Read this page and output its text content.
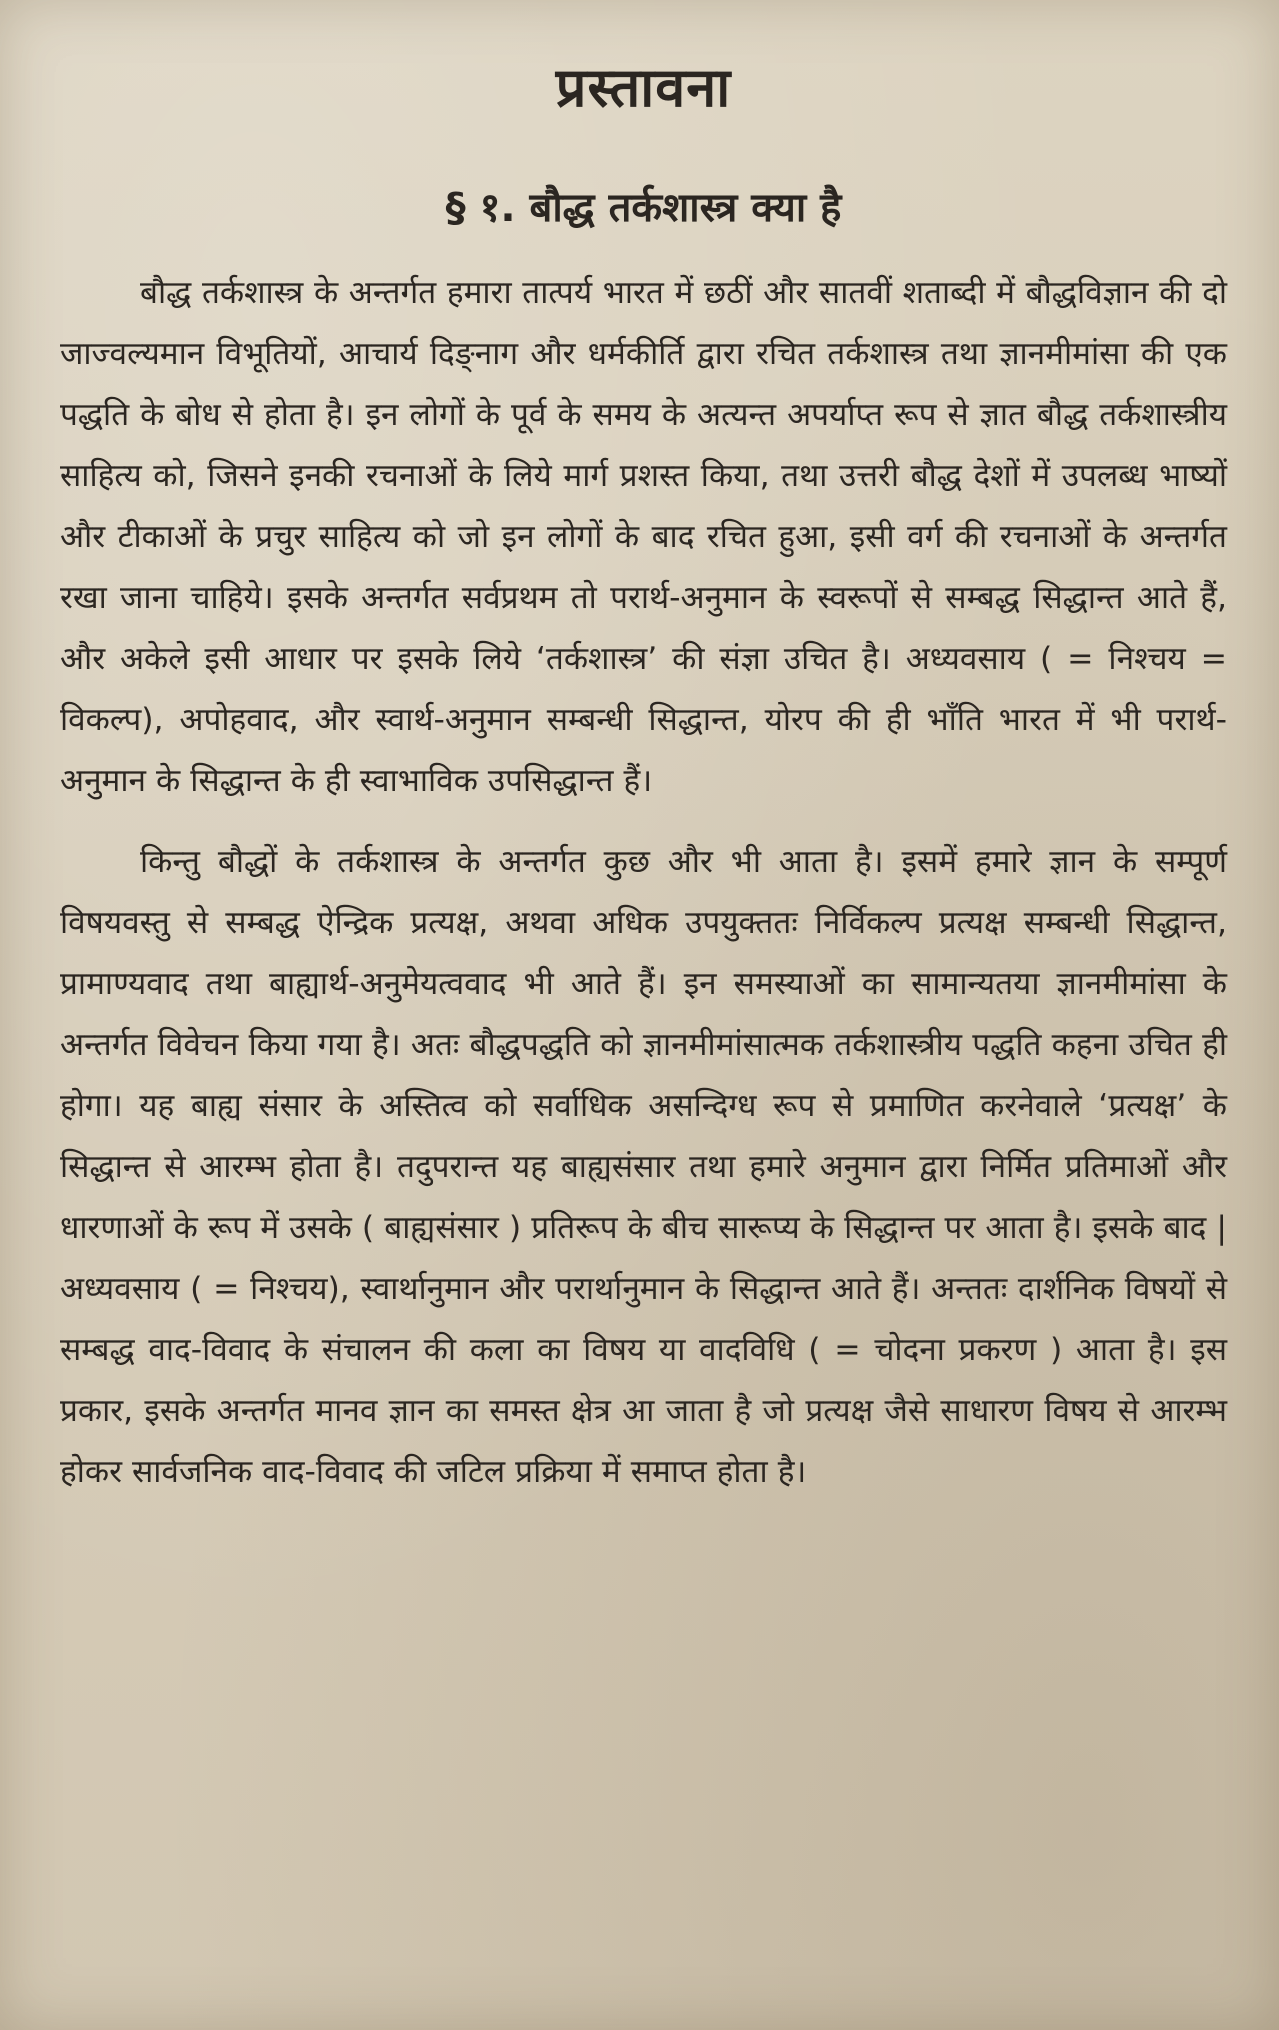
प्रस्तावना
§ १. बौद्ध तर्कशास्त्र क्या है

बौद्ध तर्कशास्त्र के अन्तर्गत हमारा तात्पर्य भारत में छठीं और सातवीं शताब्दी में बौद्धविज्ञान की दो जाज्वल्यमान विभूतियों, आचार्य दिङ्नाग और धर्मकीर्ति द्वारा रचित तर्कशास्त्र तथा ज्ञानमीमांसा की एक पद्धति के बोध से होता है। इन लोगों के पूर्व के समय के अत्यन्त अपर्याप्त रूप से ज्ञात बौद्ध तर्कशास्त्रीय साहित्य को, जिसने इनकी रचनाओं के लिये मार्ग प्रशस्त किया, तथा उत्तरी बौद्ध देशों में उपलब्ध भाष्यों और टीकाओं के प्रचुर साहित्य को जो इन लोगों के बाद रचित हुआ, इसी वर्ग की रचनाओं के अन्तर्गत रखा जाना चाहिये। इसके अन्तर्गत सर्वप्रथम तो परार्थ-अनुमान के स्वरूपों से सम्बद्ध सिद्धान्त आते हैं, और अकेले इसी आधार पर इसके लिये ‘तर्कशास्त्र’ की संज्ञा उचित है। अध्यवसाय ( = निश्चय = विकल्प), अपोहवाद, और स्वार्थ-अनुमान सम्बन्धी सिद्धान्त, योरप की ही भाँति भारत में भी परार्थ-अनुमान के सिद्धान्त के ही स्वाभाविक उपसिद्धान्त हैं।

किन्तु बौद्धों के तर्कशास्त्र के अन्तर्गत कुछ और भी आता है। इसमें हमारे ज्ञान के सम्पूर्ण विषयवस्तु से सम्बद्ध ऐन्द्रिक प्रत्यक्ष, अथवा अधिक उपयुक्ततः निर्विकल्प प्रत्यक्ष सम्बन्धी सिद्धान्त, प्रामाण्यवाद तथा बाह्यार्थ-अनुमेयत्ववाद भी आते हैं। इन समस्याओं का सामान्यतया ज्ञानमीमांसा के अन्तर्गत विवेचन किया गया है। अतः बौद्धपद्धति को ज्ञानमीमांसात्मक तर्कशास्त्रीय पद्धति कहना उचित ही होगा। यह बाह्य संसार के अस्तित्व को सर्वाधिक असन्दिग्ध रूप से प्रमाणित करनेवाले ‘प्रत्यक्ष’ के सिद्धान्त से आरम्भ होता है। तदुपरान्त यह बाह्यसंसार तथा हमारे अनुमान द्वारा निर्मित प्रतिमाओं और धारणाओं के रूप में उसके ( बाह्यसंसार ) प्रतिरूप के बीच सारूप्य के सिद्धान्त पर आता है। इसके बाद |अध्यवसाय ( = निश्चय), स्वार्थानुमान और परार्थानुमान के सिद्धान्त आते हैं। अन्ततः दार्शनिक विषयों से सम्बद्ध वाद-विवाद के संचालन की कला का विषय या वादविधि ( = चोदना प्रकरण ) आता है। इस प्रकार, इसके अन्तर्गत मानव ज्ञान का समस्त क्षेत्र आ जाता है जो प्रत्यक्ष जैसे साधारण विषय से आरम्भ होकर सार्वजनिक वाद-विवाद की जटिल प्रक्रिया में समाप्त होता है।
